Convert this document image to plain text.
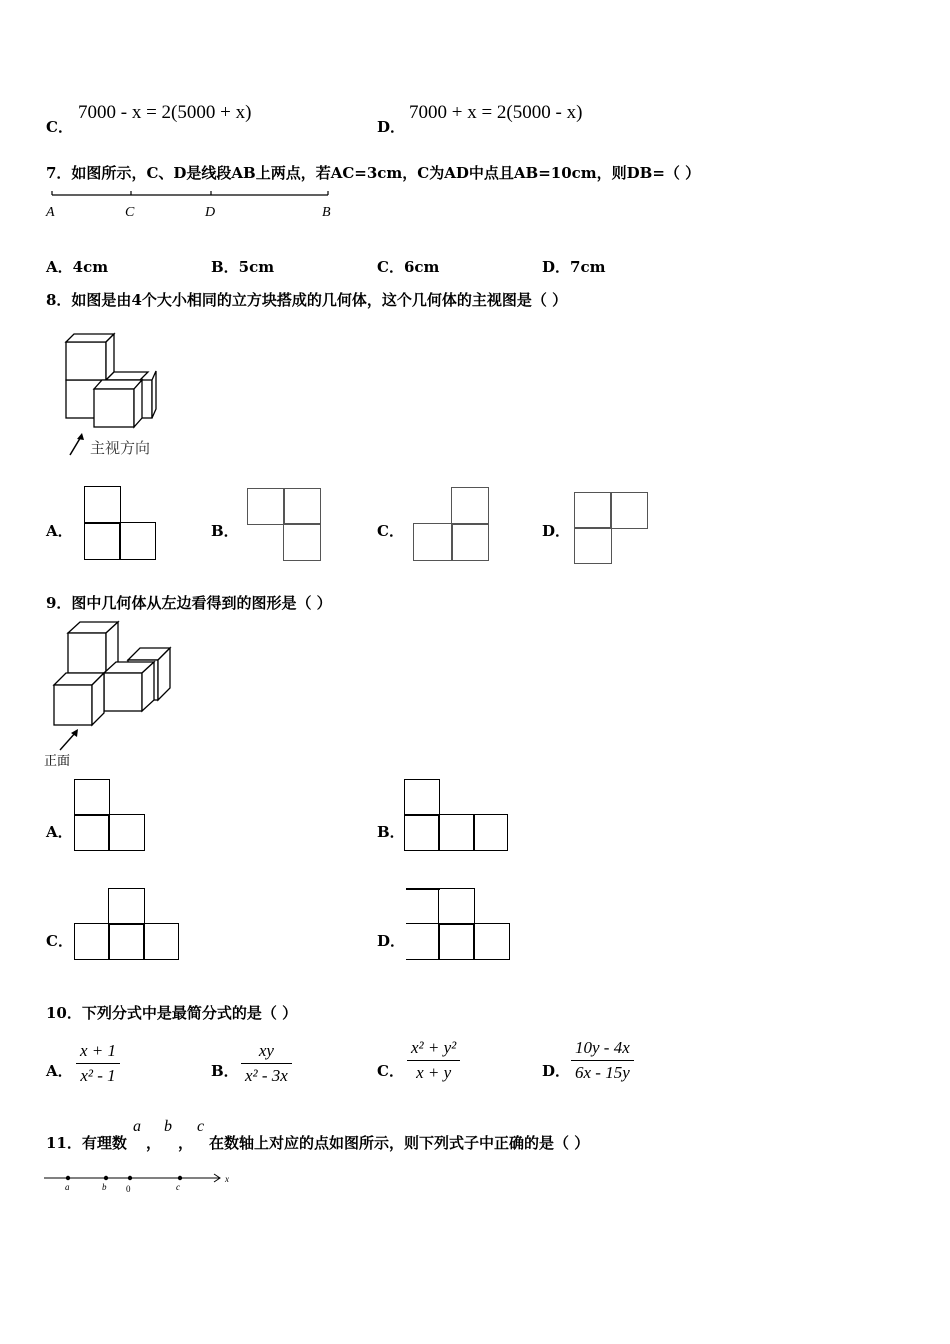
C．
7000 - x = 2(5000 + x)
D．
7000 + x = 2(5000 - x)
7．如图所示，C、D是线段AB上两点，若AC=3cm，C为AD中点且AB=10cm，则DB=（ ）
A	C	D	B
A．4cm	B．5cm	C．6cm	D．7cm
8．如图是由4个大小相同的立方块搭成的几何体，这个几何体的主视图是（ ）
主视方向
A．	B．	C．	D．
9．图中几何体从左边看得到的图形是（ ）
正面
A．	B．
C．	D．
10．下列分式中是最简分式的是（ ）
A．
x + 1
x² - 1	B．
xy
x² - 3x	C．
x² + y²
x + y	D．
10y - 4x
6x - 15y
11．有理数
a
，
b
，
c
在数轴上对应的点如图所示，则下列式子中正确的是（ ）
a	b 0	c
x
